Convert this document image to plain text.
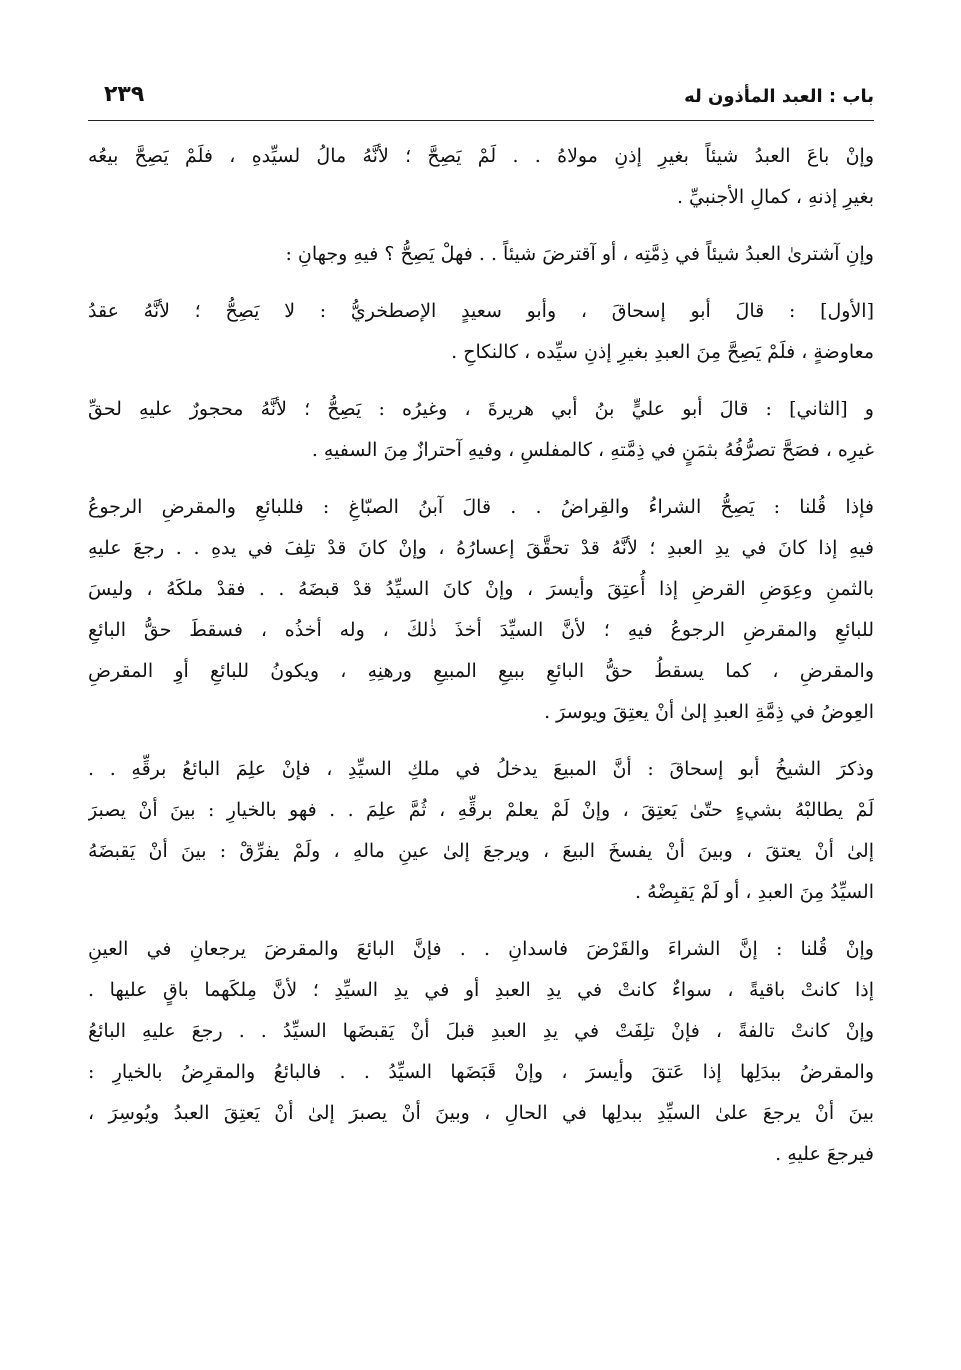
باب : العبد المأذون له
٢٣٩
وإنْ باعَ العبدُ شيئاً بغيرِ إذنِ مولاهُ . . لَمْ يَصِحَّ ؛ لأنَّهُ مالُ لسيِّدهِ ، فلَمْ يَصِحَّ بيعُه
بغيرِ إذنهِ ، كمالِ الأجنبيِّ .
وإنِ آشترىٰ العبدُ شيئاً في ذِمَّتِه ، أو آقترضَ شيئاً . . فهلْ يَصِحُّ ؟ فيهِ وجهانِ :
[الأول] : قالَ أبو إسحاقَ ، وأبو سعيدٍ الإصطخريُّ : لا يَصِحُّ ؛ لأنَّهُ عقدُ
معاوضةٍ ، فلَمْ يَصِحَّ مِنَ العبدِ بغيرِ إذنِ سيِّده ، كالنكاحِ .
و [الثاني] : قالَ أبو عليٍّ بنُ أبي هريرةَ ، وغيرُه : يَصِحُّ ؛ لأنَّهُ محجورٌ عليهِ لحقِّ
غيرِه ، فصَحَّ تصرُّفُهُ بثمَنٍ في ذِمَّتهِ ، كالمفلسِ ، وفيهِ آحترازٌ مِنَ السفيهِ .
فإذا قُلنا : يَصِحُّ الشراءُ والقِراضُ . . قالَ آبنُ الصبّاغِ : فللبائعِ والمقرضِ الرجوعُ
فيهِ إذا كانَ في يدِ العبدِ ؛ لأنَّهُ قدْ تحقَّقَ إعسارُهُ ، وإنْ كانَ قدْ تلِفَ في يدهِ . . رجعَ عليهِ
بالثمنِ وعِوَضِ القرضِ إذا أُعتِقَ وأيسرَ ، وإنْ كانَ السيِّدُ قدْ قبضَهُ . . فقدْ ملكَهُ ، وليسَ
للبائعِ والمقرضِ الرجوعُ فيهِ ؛ لأنَّ السيِّدَ أخذَ ذٰلكَ ، وله أخذُه ، فسقطَ حقُّ البائعِ
والمقرضِ ، كما يسقطُ حقُّ البائعِ ببيعِ المبيعِ ورهنِهِ ، ويكونُ للبائعِ أوِ المقرضِ
العِوضُ في ذِمَّةِ العبدِ إلىٰ أنْ يعتِقَ ويوسرَ .
وذكرَ الشيخُ أبو إسحاقَ : أنَّ المبيعَ يدخلُ في ملكِ السيِّدِ ، فإنْ علِمَ البائعُ برقِّهِ . .
لَمْ يطالبْهُ بشيءٍ حتّىٰ يَعتِقَ ، وإنْ لَمْ يعلمْ برقِّهِ ، ثُمَّ علِمَ . . فهو بالخيارِ : بينَ أنْ يصبرَ
إلىٰ أنْ يعتقَ ، وبينَ أنْ يفسخَ البيعَ ، ويرجعَ إلىٰ عينِ مالهِ ، ولَمْ يفرِّقْ : بينَ أنْ يَقبضَهُ
السيِّدُ مِنَ العبدِ ، أو لَمْ يَقبِضْهُ .
وإنْ قُلنا : إنَّ الشراءَ والقَرْضَ فاسدانِ . . فإنَّ البائعَ والمقرضَ يرجعانِ في العينِ
إذا كانتْ باقيةً ، سواءٌ كانتْ في يدِ العبدِ أو في يدِ السيِّدِ ؛ لأنَّ مِلكَهما باقٍ عليها .
وإنْ كانتْ تالفةً ، فإنْ تلِفَتْ في يدِ العبدِ قبلَ أنْ يَقبضَها السيِّدُ . . رجعَ عليهِ البائعُ
والمقرضُ ببدَلِها إذا عَتقَ وأيسرَ ، وإنْ قَبَضَها السيِّدُ . . فالبائعُ والمقرِضُ بالخيارِ :
بينَ أنْ يرجعَ علىٰ السيِّدِ ببدلِها في الحالِ ، وبينَ أنْ يصبرَ إلىٰ أنْ يَعتِقَ العبدُ ويُوسِرَ ،
فيرجعَ عليهِ .
